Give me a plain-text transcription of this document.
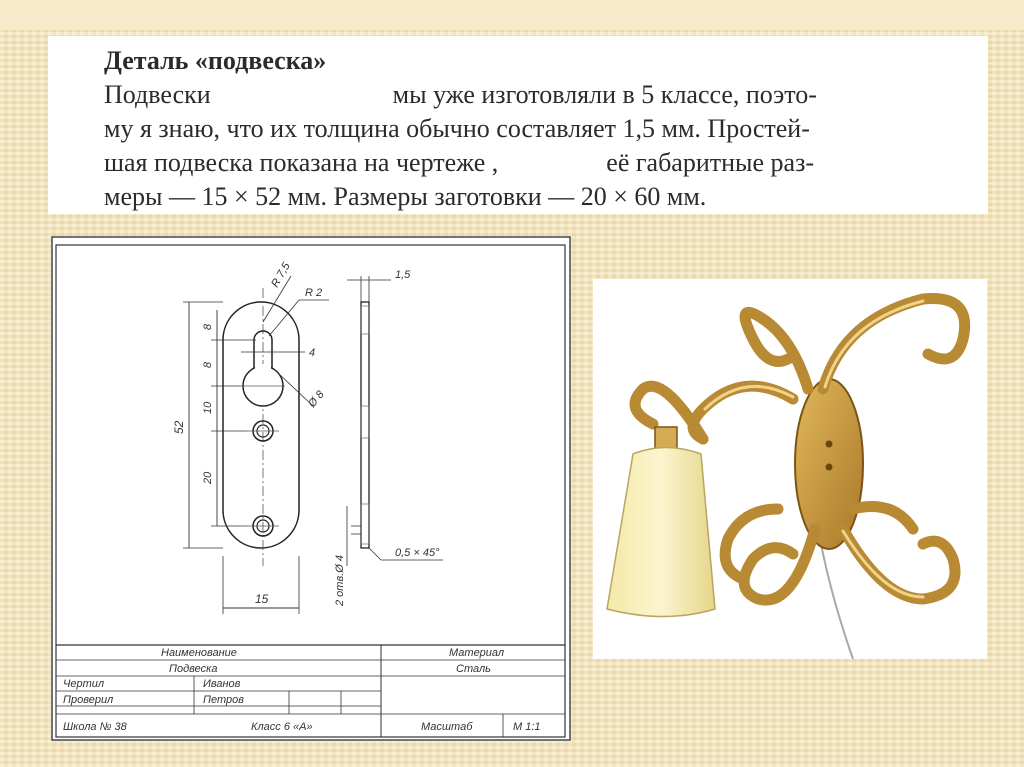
Деталь «подвеска»
Подвески	мы уже изготовляли в 5 классе, поэто-
му я знаю, что их толщина обычно составляет 1,5 мм. Простей-
шая подвеска показана на чертеже ,	её габаритные раз-
меры — 15 × 52 мм. Размеры заготовки — 20 × 60 мм.
8
8
10
20
52
15
R 7,5
R 2
4
Ø 8
1,5
2 отв.Ø 4
0,5 × 45°
Наименование
Подвеска
Материал
Сталь
Чертил	Иванов
Проверил	Петров
Школа № 38	Класс 6 «А»	Масштаб	М 1:1
